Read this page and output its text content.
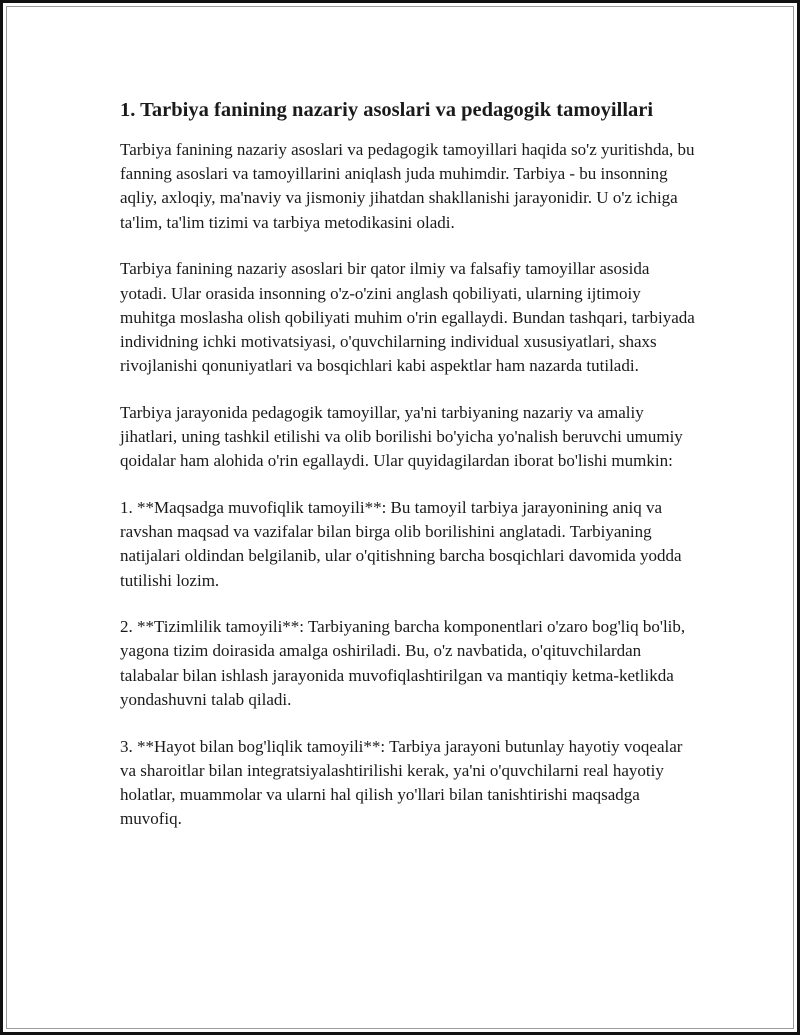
1. Tarbiya fanining nazariy asoslari va pedagogik tamoyillari

Tarbiya fanining nazariy asoslari va pedagogik tamoyillari haqida so'z yuritishda, bu fanning asoslari va tamoyillarini aniqlash juda muhimdir. Tarbiya - bu insonning aqliy, axloqiy, ma'naviy va jismoniy jihatdan shakllanishi jarayonidir. U o'z ichiga ta'lim, ta'lim tizimi va tarbiya metodikasini oladi.

Tarbiya fanining nazariy asoslari bir qator ilmiy va falsafiy tamoyillar asosida yotadi. Ular orasida insonning o'z-o'zini anglash qobiliyati, ularning ijtimoiy muhitga moslasha olish qobiliyati muhim o'rin egallaydi. Bundan tashqari, tarbiyada individning ichki motivatsiyasi, o'quvchilarning individual xususiyatlari, shaxs rivojlanishi qonuniyatlari va bosqichlari kabi aspektlar ham nazarda tutiladi.

Tarbiya jarayonida pedagogik tamoyillar, ya'ni tarbiyaning nazariy va amaliy jihatlari, uning tashkil etilishi va olib borilishi bo'yicha yo'nalish beruvchi umumiy qoidalar ham alohida o'rin egallaydi. Ular quyidagilardan iborat bo'lishi mumkin:

1. **Maqsadga muvofiqlik tamoyili**: Bu tamoyil tarbiya jarayonining aniq va ravshan maqsad va vazifalar bilan birga olib borilishini anglatadi. Tarbiyaning natijalari oldindan belgilanib, ular o'qitishning barcha bosqichlari davomida yodda tutilishi lozim.

2. **Tizimlilik tamoyili**: Tarbiyaning barcha komponentlari o'zaro bog'liq bo'lib, yagona tizim doirasida amalga oshiriladi. Bu, o'z navbatida, o'qituvchilardan talabalar bilan ishlash jarayonida muvofiqlashtirilgan va mantiqiy ketma-ketlikda yondashuvni talab qiladi.

3. **Hayot bilan bog'liqlik tamoyili**: Tarbiya jarayoni butunlay hayotiy voqealar va sharoitlar bilan integratsiyalashtirilishi kerak, ya'ni o'quvchilarni real hayotiy holatlar, muammolar va ularni hal qilish yo'llari bilan tanishtirishi maqsadga muvofiq.
